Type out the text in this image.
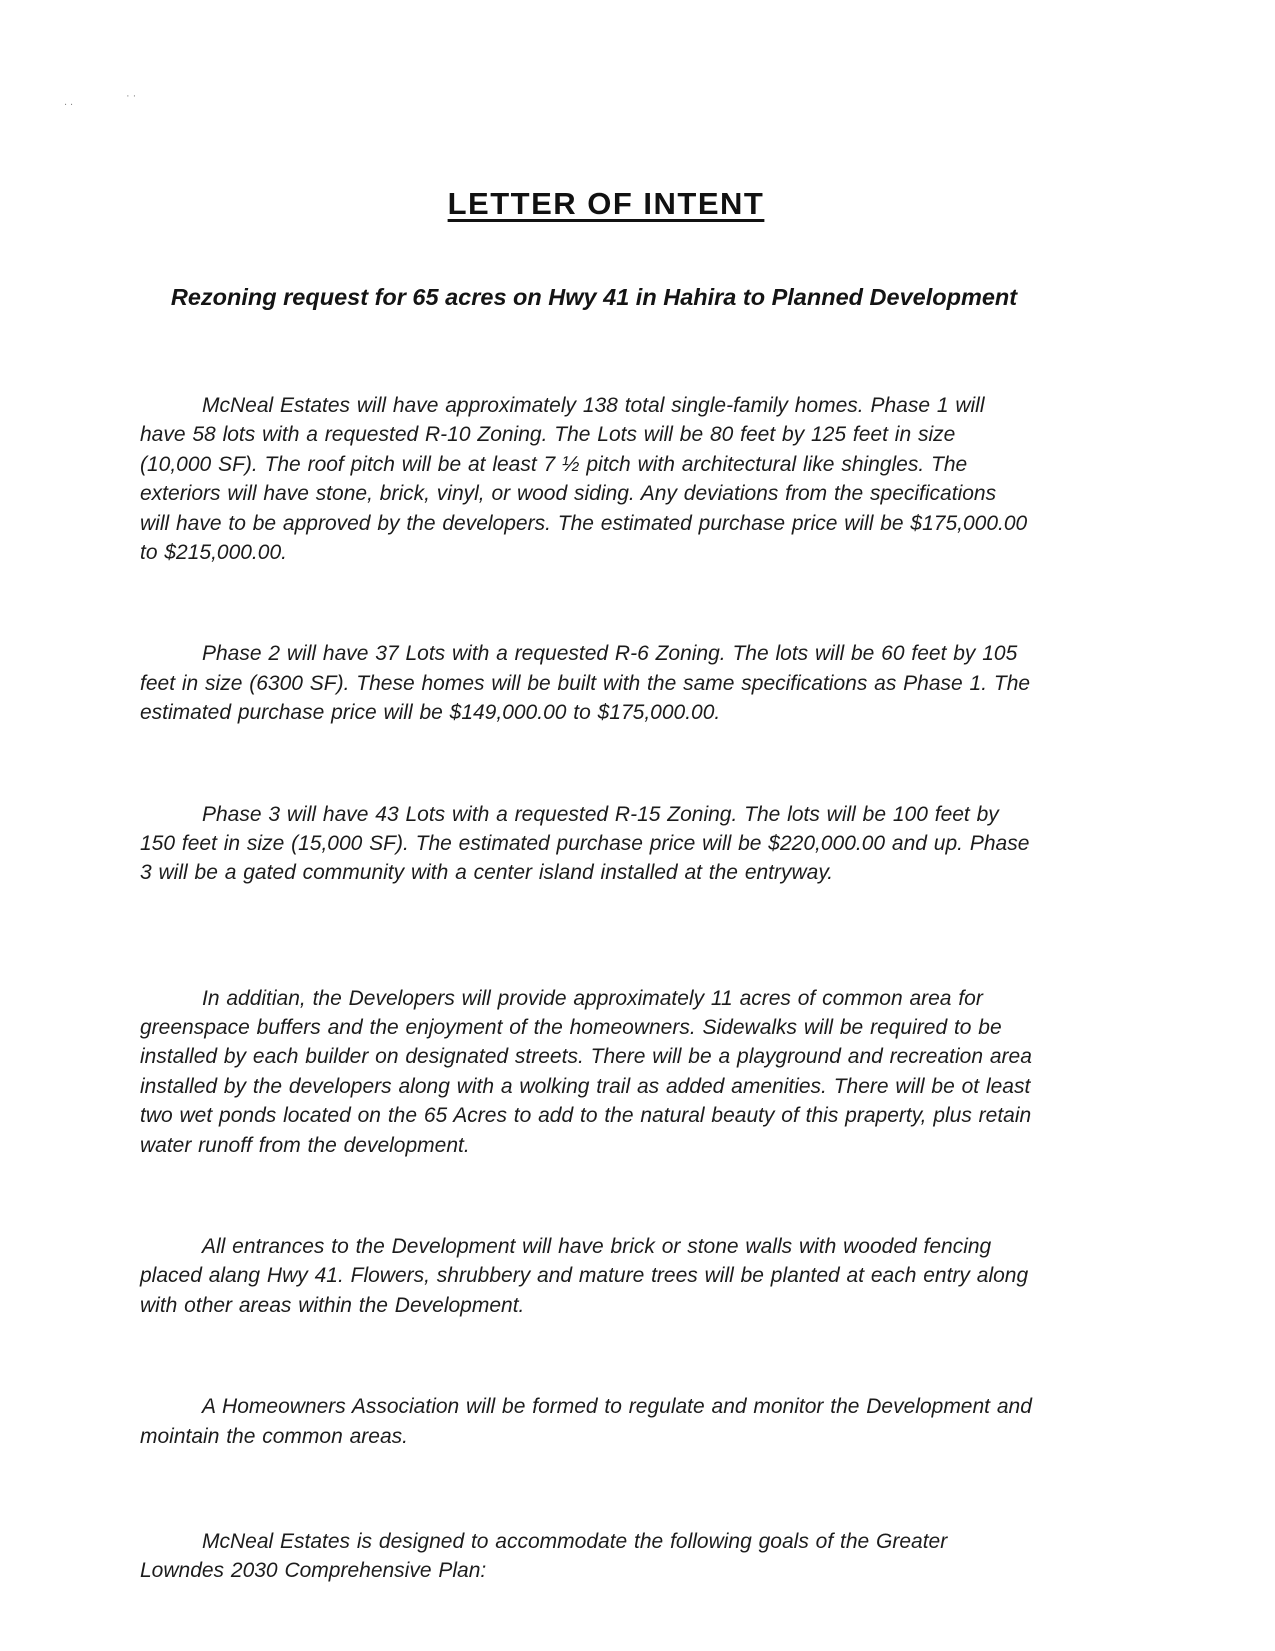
..	··
LETTER OF INTENT
Rezoning request for 65 acres on Hwy 41 in Hahira to Planned Development

McNeal Estates will have approximately 138 total single-family homes. Phase 1 will have 58 lots with a requested R-10 Zoning. The Lots will be 80 feet by 125 feet in size (10,000 SF). The roof pitch will be at least 7 ½ pitch with architectural like shingles. The exteriors will have stone, brick, vinyl, or wood siding. Any deviations from the specifications will have to be approved by the developers. The estimated purchase price will be $175,000.00 to $215,000.00.

Phase 2 will have 37 Lots with a requested R-6 Zoning. The lots will be 60 feet by 105 feet in size (6300 SF). These homes will be built with the same specifications as Phase 1. The estimated purchase price will be $149,000.00 to $175,000.00.

Phase 3 will have 43 Lots with a requested R-15 Zoning. The lots will be 100 feet by 150 feet in size (15,000 SF). The estimated purchase price will be $220,000.00 and up. Phase 3 will be a gated community with a center island installed at the entryway.

In additian, the Developers will provide approximately 11 acres of common area for greenspace buffers and the enjoyment of the homeowners. Sidewalks will be required to be installed by each builder on designated streets. There will be a playground and recreation area installed by the developers along with a wolking trail as added amenities. There will be ot least two wet ponds located on the 65 Acres to add to the natural beauty of this praperty, plus retain water runoff from the development.

All entrances to the Development will have brick or stone walls with wooded fencing placed alang Hwy 41. Flowers, shrubbery and mature trees will be planted at each entry along with other areas within the Development.

A Homeowners Association will be formed to regulate and monitor the Development and mointain the common areas.

McNeal Estates is designed to accommodate the following goals of the Greater Lowndes 2030 Comprehensive Plan:
